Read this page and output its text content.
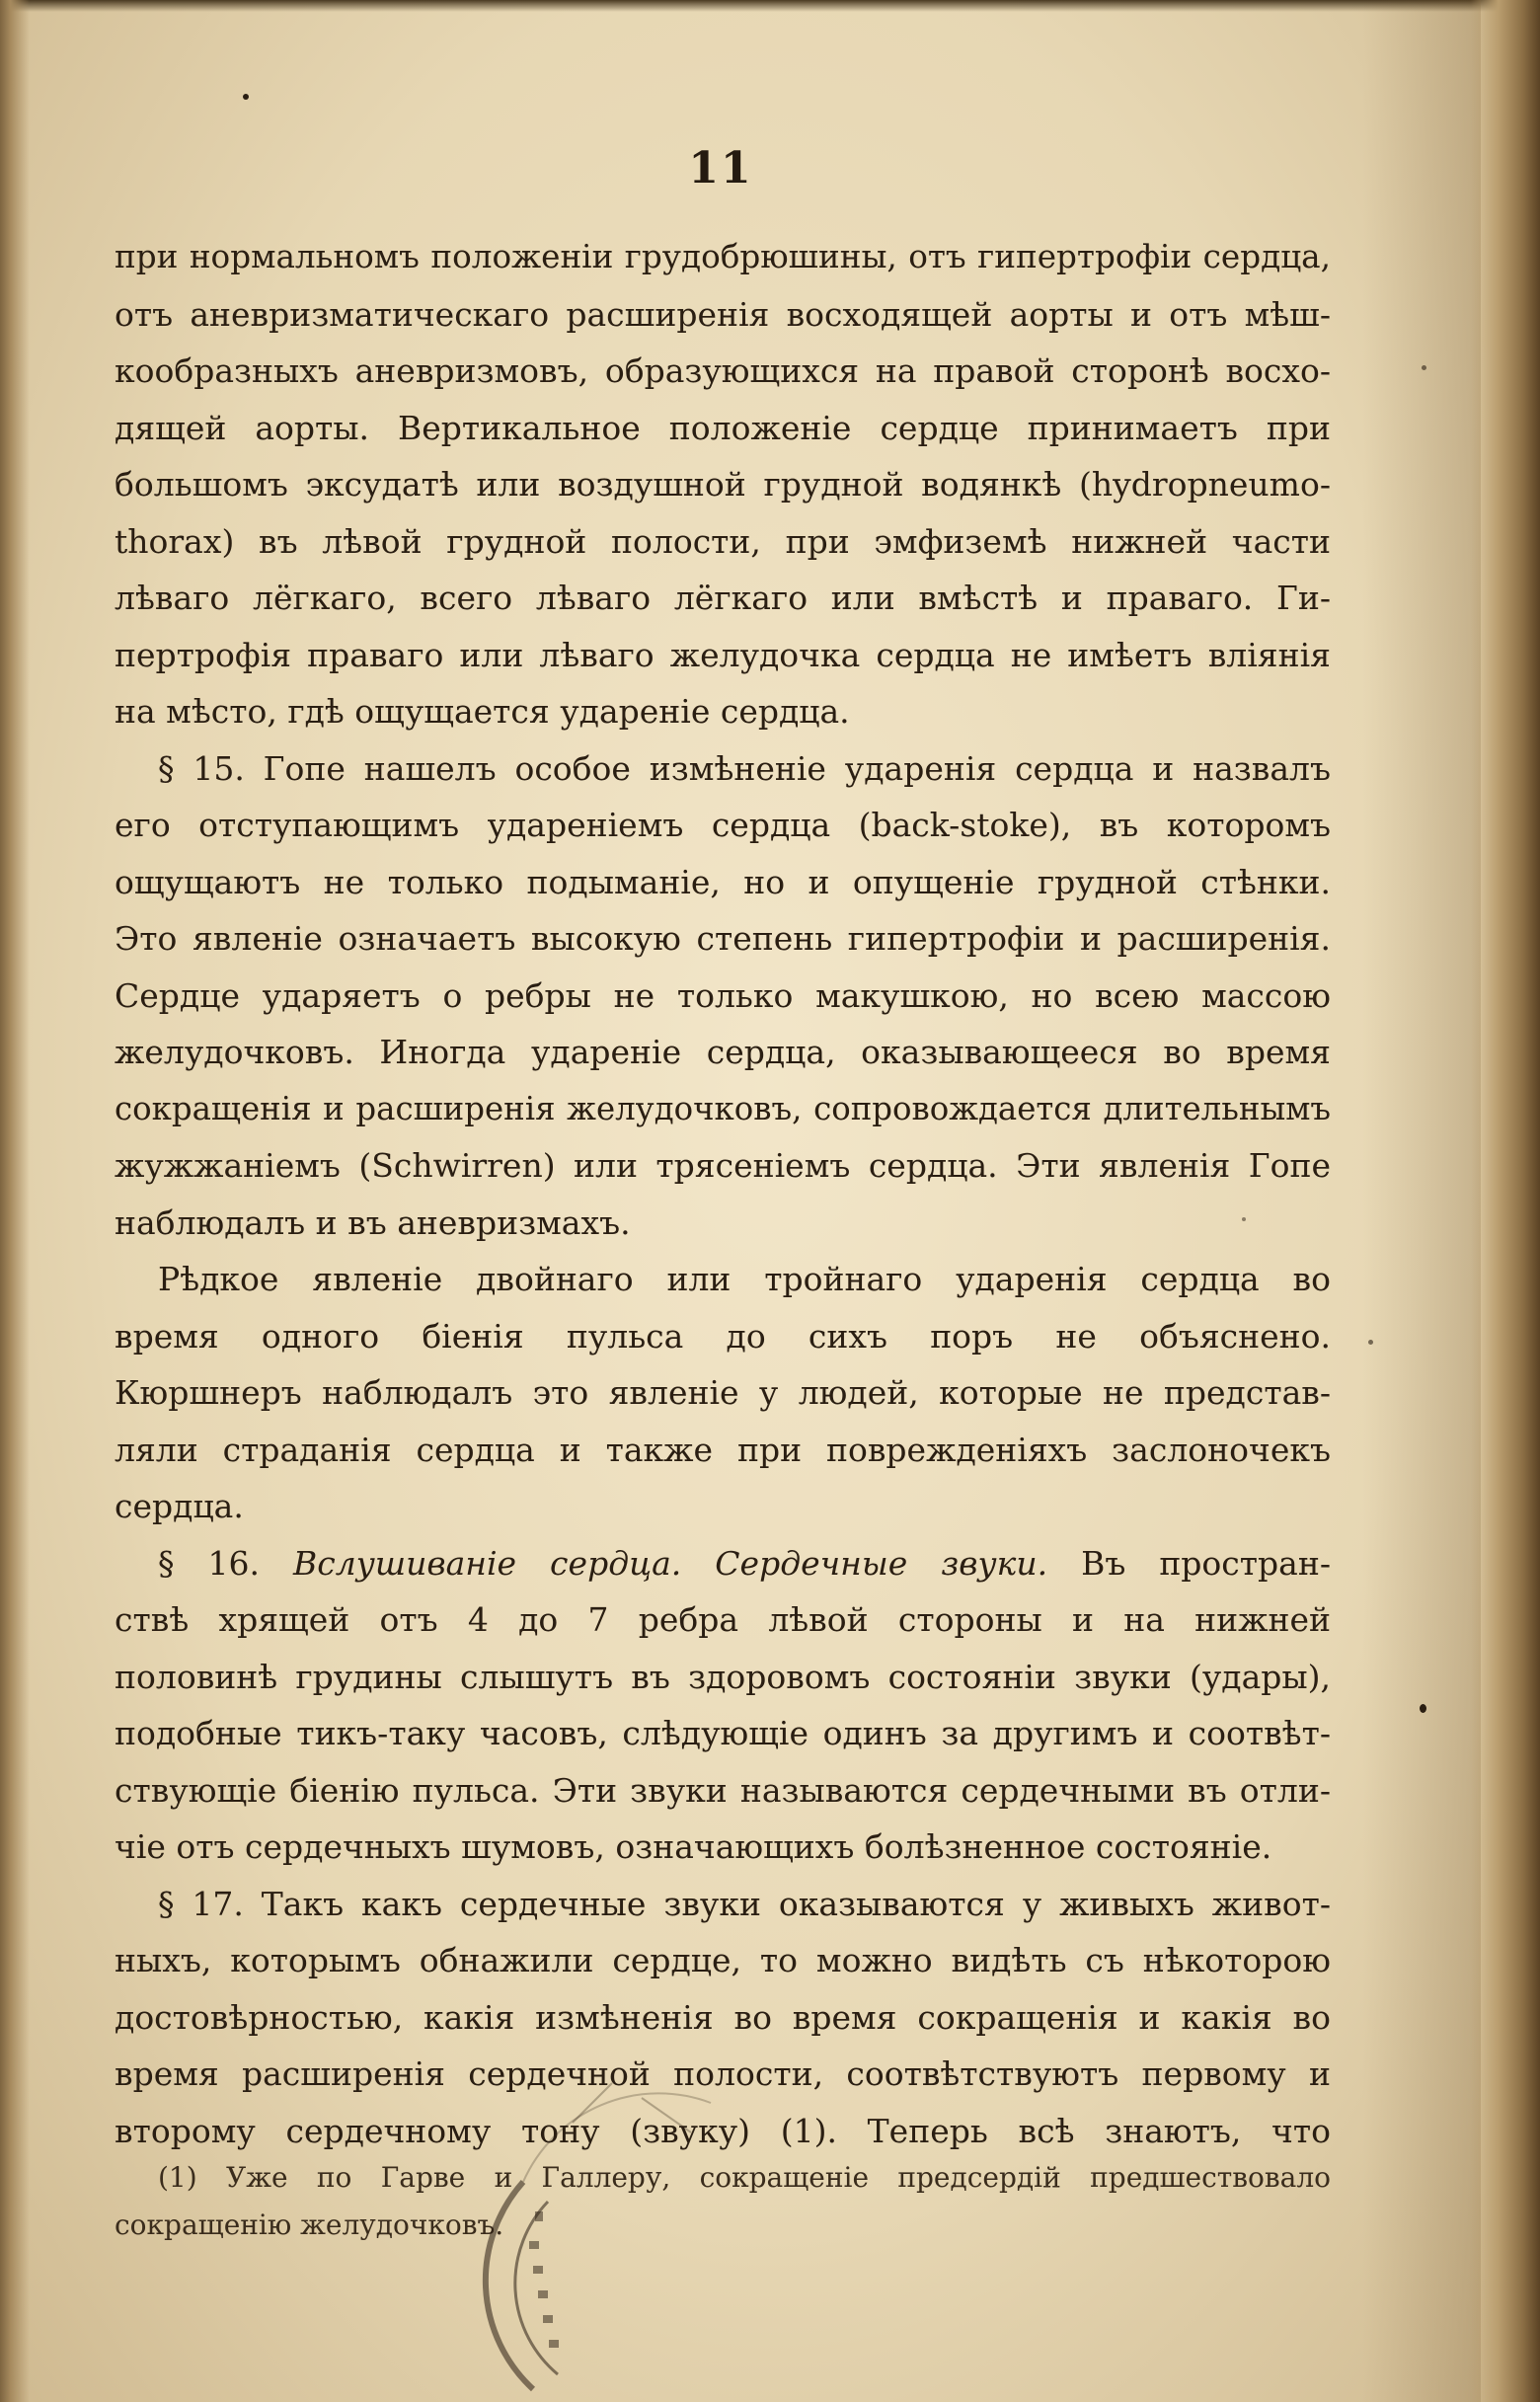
11
при нормальномъ положеніи грудобрюшины, отъ гипертрофіи сердца,
отъ аневризматическаго расширенія восходящей аорты и отъ мѣш-
кообразныхъ аневризмовъ, образующихся на правой сторонѣ восхо-
дящей аорты. Вертикальное положеніе сердце принимаетъ при
большомъ эксудатѣ или воздушной грудной водянкѣ (hydropneumo-
thorax) въ лѣвой грудной полости, при эмфиземѣ нижней части
лѣваго лёгкаго, всего лѣваго лёгкаго или вмѣстѣ и праваго. Ги-
пертрофія праваго или лѣваго желудочка сердца не имѣетъ вліянія
на мѣсто, гдѣ ощущается удареніе сердца.
§ 15. Гопе нашелъ особое измѣненіе ударенія сердца и назвалъ
его отступающимъ удареніемъ сердца (back-stoke), въ которомъ
ощущаютъ не только подыманіе, но и опущеніе грудной стѣнки.
Это явленіе означаетъ высокую степень гипертрофіи и расширенія.
Сердце ударяетъ о ребры не только макушкою, но всею массою
желудочковъ. Иногда удареніе сердца, оказывающееся во время
сокращенія и расширенія желудочковъ, сопровождается длительнымъ
жужжаніемъ (Schwirren) или трясеніемъ сердца. Эти явленія Гопе
наблюдалъ и въ аневризмахъ.
Рѣдкое явленіе двойнаго или тройнаго ударенія сердца во
время одного біенія пульса до сихъ поръ не объяснено.
Кюршнеръ наблюдалъ это явленіе у людей, которые не представ-
ляли страданія сердца и также при поврежденіяхъ заслоночекъ
сердца.
§ 16. Вслушиваніе сердца. Сердечные звуки. Въ простран-
ствѣ хрящей отъ 4 до 7 ребра лѣвой стороны и на нижней
половинѣ грудины слышутъ въ здоровомъ состояніи звуки (удары),
подобные тикъ-таку часовъ, слѣдующіе одинъ за другимъ и соотвѣт-
ствующіе біенію пульса. Эти звуки называются сердечными въ отли-
чіе отъ сердечныхъ шумовъ, означающихъ болѣзненное состояніе.
§ 17. Такъ какъ сердечные звуки оказываются у живыхъ живот-
ныхъ, которымъ обнажили сердце, то можно видѣть съ нѣкоторою
достовѣрностью, какія измѣненія во время сокращенія и какія во
время расширенія сердечной полости, соотвѣтствуютъ первому и
второму сердечному тону (звуку) (1). Теперь всѣ знаютъ, что
(1) Уже по Гарве и Галлеру, сокращеніе предсердій предшествовало
сокращенію желудочковъ.
